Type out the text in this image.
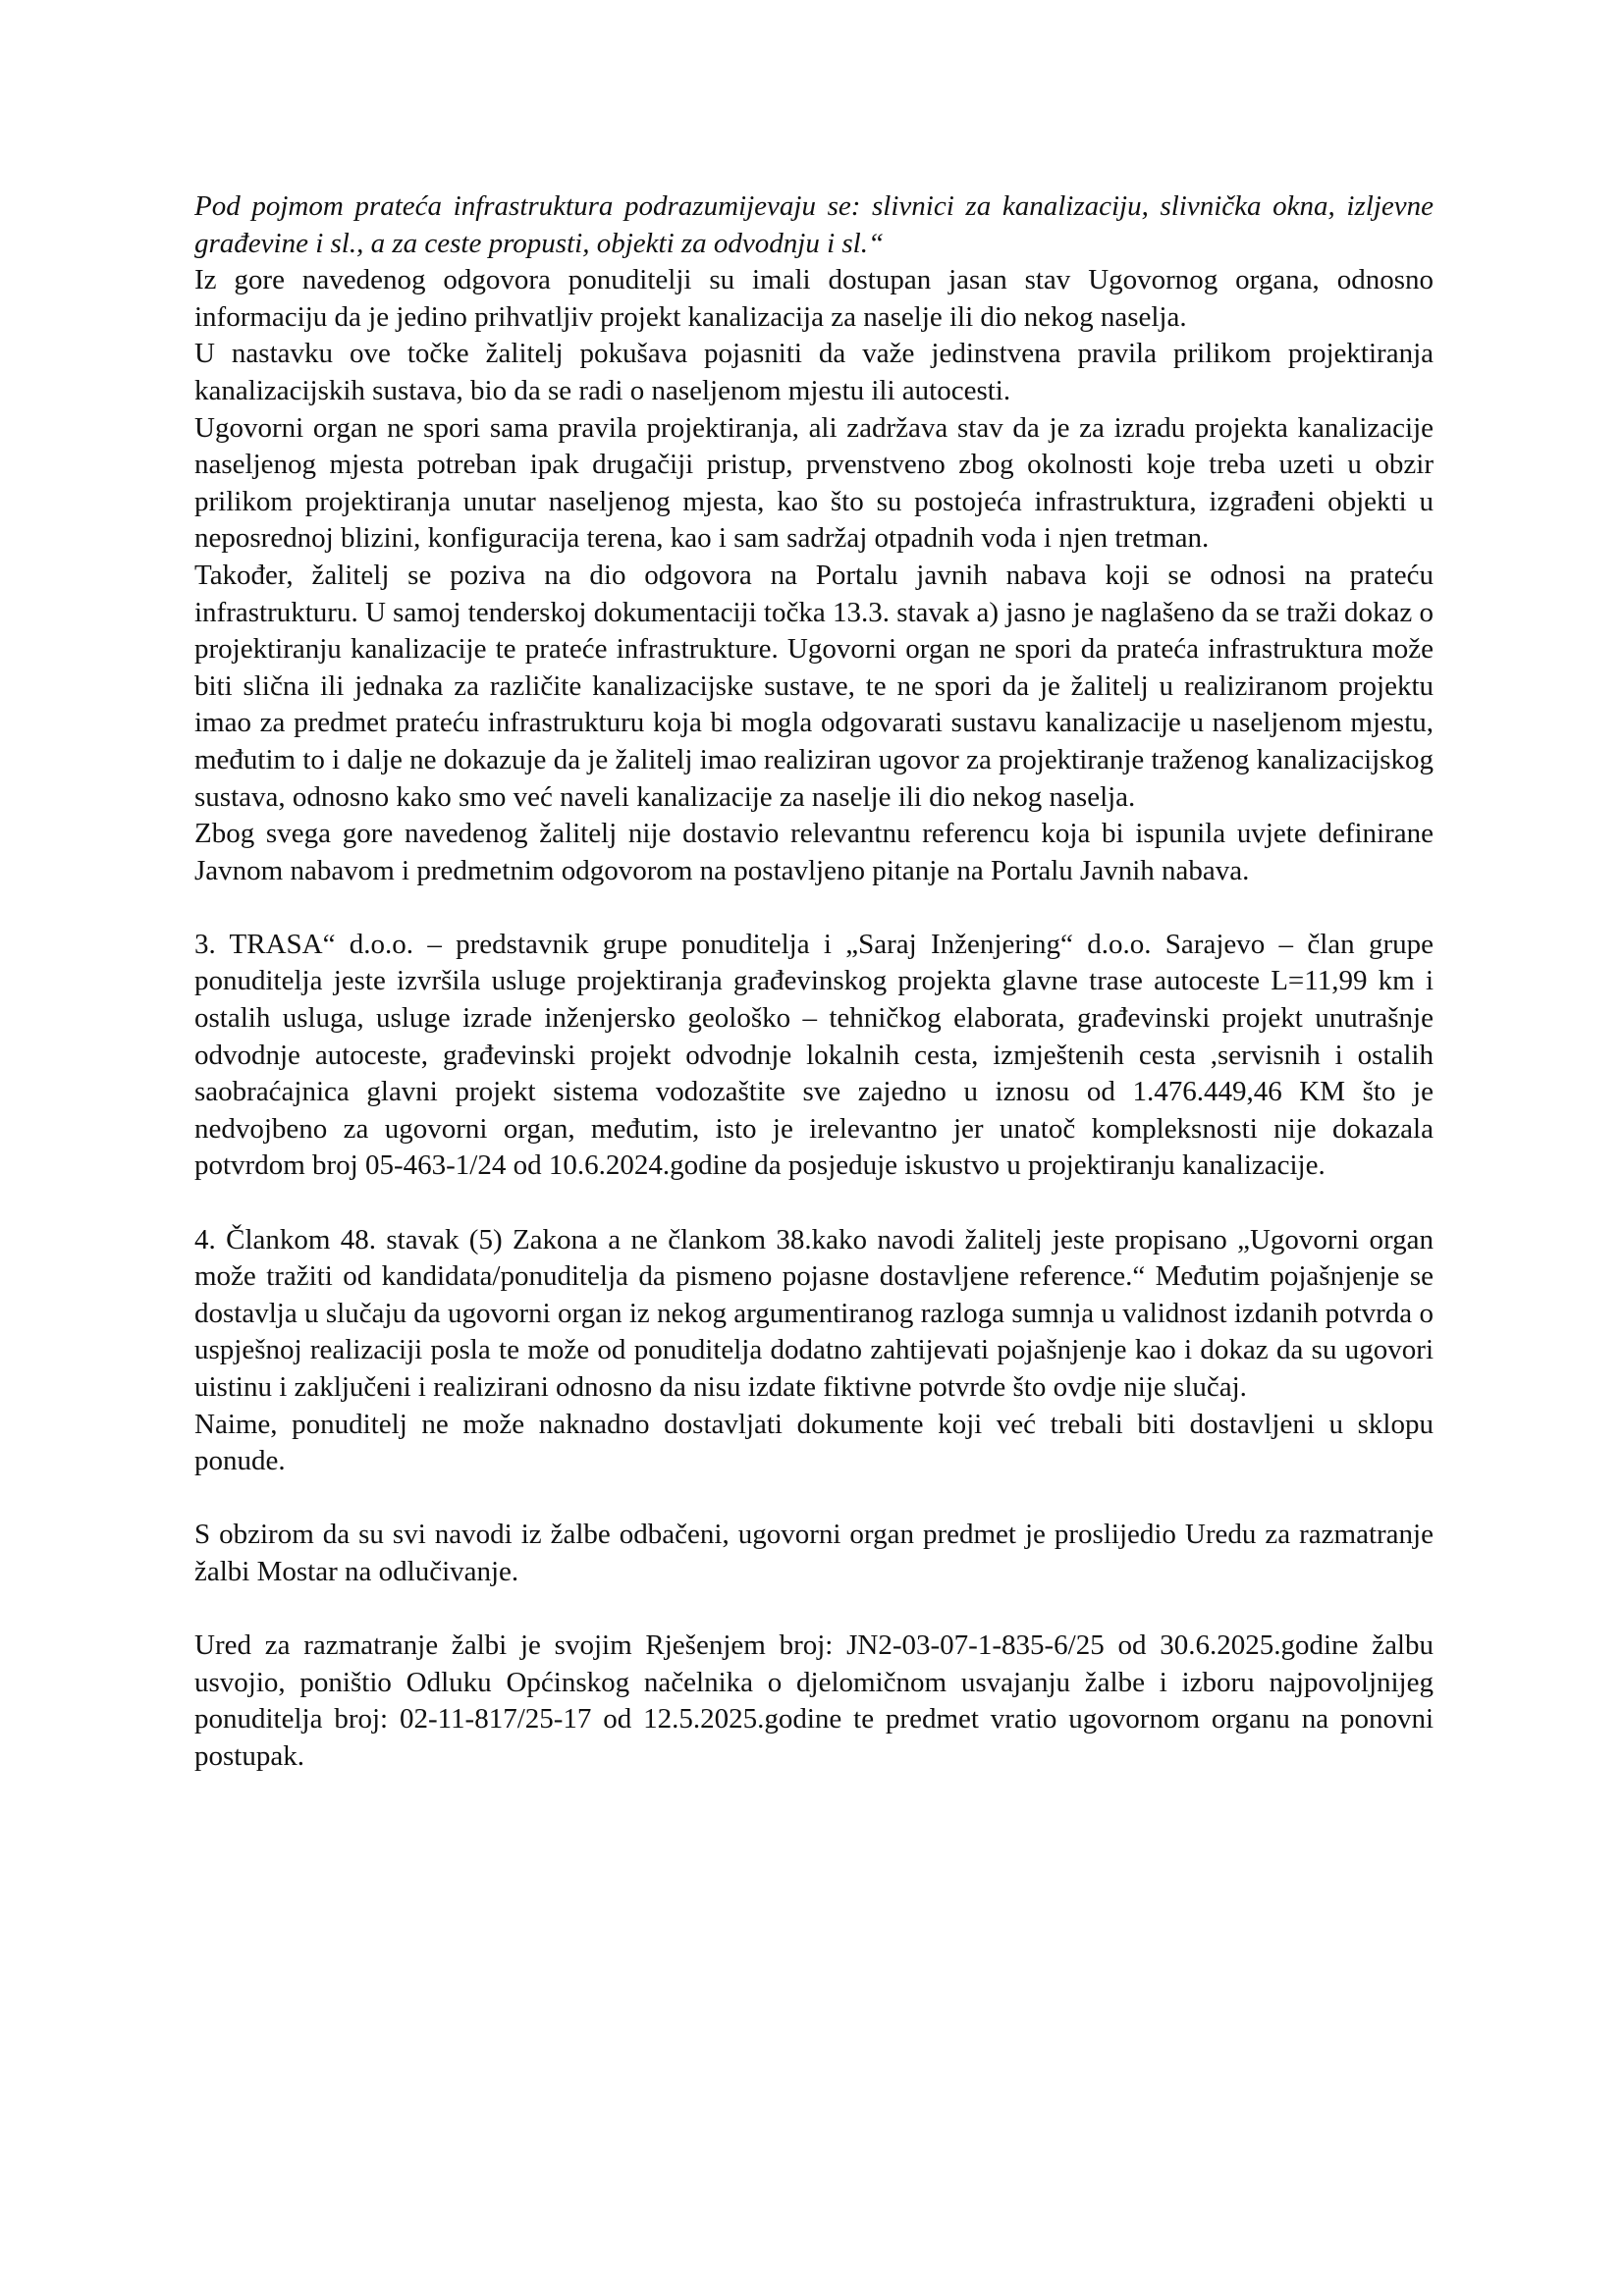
Pod pojmom prateća infrastruktura podrazumijevaju se: slivnici za kanalizaciju, slivnička okna, izljevne građevine i sl., a za ceste propusti, objekti za odvodnju i sl.“

Iz gore navedenog odgovora ponuditelji su imali dostupan jasan stav Ugovornog organa, odnosno informaciju da je jedino prihvatljiv projekt kanalizacija za naselje ili dio nekog naselja.

U nastavku ove točke žalitelj pokušava pojasniti da važe jedinstvena pravila prilikom projektiranja kanalizacijskih sustava, bio da se radi o naseljenom mjestu ili autocesti.

Ugovorni organ ne spori sama pravila projektiranja, ali zadržava stav da je za izradu projekta kanalizacije naseljenog mjesta potreban ipak drugačiji pristup, prvenstveno zbog okolnosti koje treba uzeti u obzir prilikom projektiranja unutar naseljenog mjesta, kao što su postojeća infrastruktura, izgrađeni objekti u neposrednoj blizini, konfiguracija terena, kao i sam sadržaj otpadnih voda i njen tretman.

Također, žalitelj se poziva na dio odgovora na Portalu javnih nabava koji se odnosi na prateću infrastrukturu. U samoj tenderskoj dokumentaciji točka 13.3. stavak a) jasno je naglašeno da se traži dokaz o projektiranju kanalizacije te prateće infrastrukture. Ugovorni organ ne spori da prateća infrastruktura može biti slična ili jednaka za različite kanalizacijske sustave, te ne spori da je žalitelj u realiziranom projektu imao za predmet prateću infrastrukturu koja bi mogla odgovarati sustavu kanalizacije u naseljenom mjestu, međutim to i dalje ne dokazuje da je žalitelj imao realiziran ugovor za projektiranje traženog kanalizacijskog sustava, odnosno kako smo već naveli kanalizacije za naselje ili dio nekog naselja.

Zbog svega gore navedenog žalitelj nije dostavio relevantnu referencu koja bi ispunila uvjete definirane Javnom nabavom i predmetnim odgovorom na postavljeno pitanje na Portalu Javnih nabava.

3. TRASA“ d.o.o. – predstavnik grupe ponuditelja i „Saraj Inženjering“ d.o.o. Sarajevo – član grupe ponuditelja jeste izvršila usluge projektiranja građevinskog projekta glavne trase autoceste L=11,99 km i ostalih usluga, usluge izrade inženjersko geološko – tehničkog elaborata, građevinski projekt unutrašnje odvodnje autoceste, građevinski projekt odvodnje lokalnih cesta, izmještenih cesta ,servisnih i ostalih saobraćajnica glavni projekt sistema vodozaštite sve zajedno u iznosu od 1.476.449,46 KM što je nedvojbeno za ugovorni organ, međutim, isto je irelevantno jer unatoč kompleksnosti nije dokazala potvrdom broj 05-463-1/24 od 10.6.2024.godine da posjeduje iskustvo u projektiranju kanalizacije.

4. Člankom 48. stavak (5) Zakona a ne člankom 38.kako navodi žalitelj jeste propisano „Ugovorni organ može tražiti od kandidata/ponuditelja da pismeno pojasne dostavljene reference.“ Međutim pojašnjenje se dostavlja u slučaju da ugovorni organ iz nekog argumentiranog razloga sumnja u validnost izdanih potvrda o uspješnoj realizaciji posla te može od ponuditelja dodatno zahtijevati pojašnjenje kao i dokaz da su ugovori uistinu i zaključeni i realizirani odnosno da nisu izdate fiktivne potvrde što ovdje nije slučaj.

Naime, ponuditelj ne može naknadno dostavljati dokumente koji već trebali biti dostavljeni u sklopu ponude.

S obzirom da su svi navodi iz žalbe odbačeni, ugovorni organ predmet je proslijedio Uredu za razmatranje žalbi Mostar na odlučivanje.

Ured za razmatranje žalbi je svojim Rješenjem broj: JN2-03-07-1-835-6/25 od 30.6.2025.godine žalbu usvojio, poništio Odluku Općinskog načelnika o djelomičnom usvajanju žalbe i izboru najpovoljnijeg ponuditelja broj: 02-11-817/25-17 od 12.5.2025.godine te predmet vratio ugovornom organu na ponovni postupak.
